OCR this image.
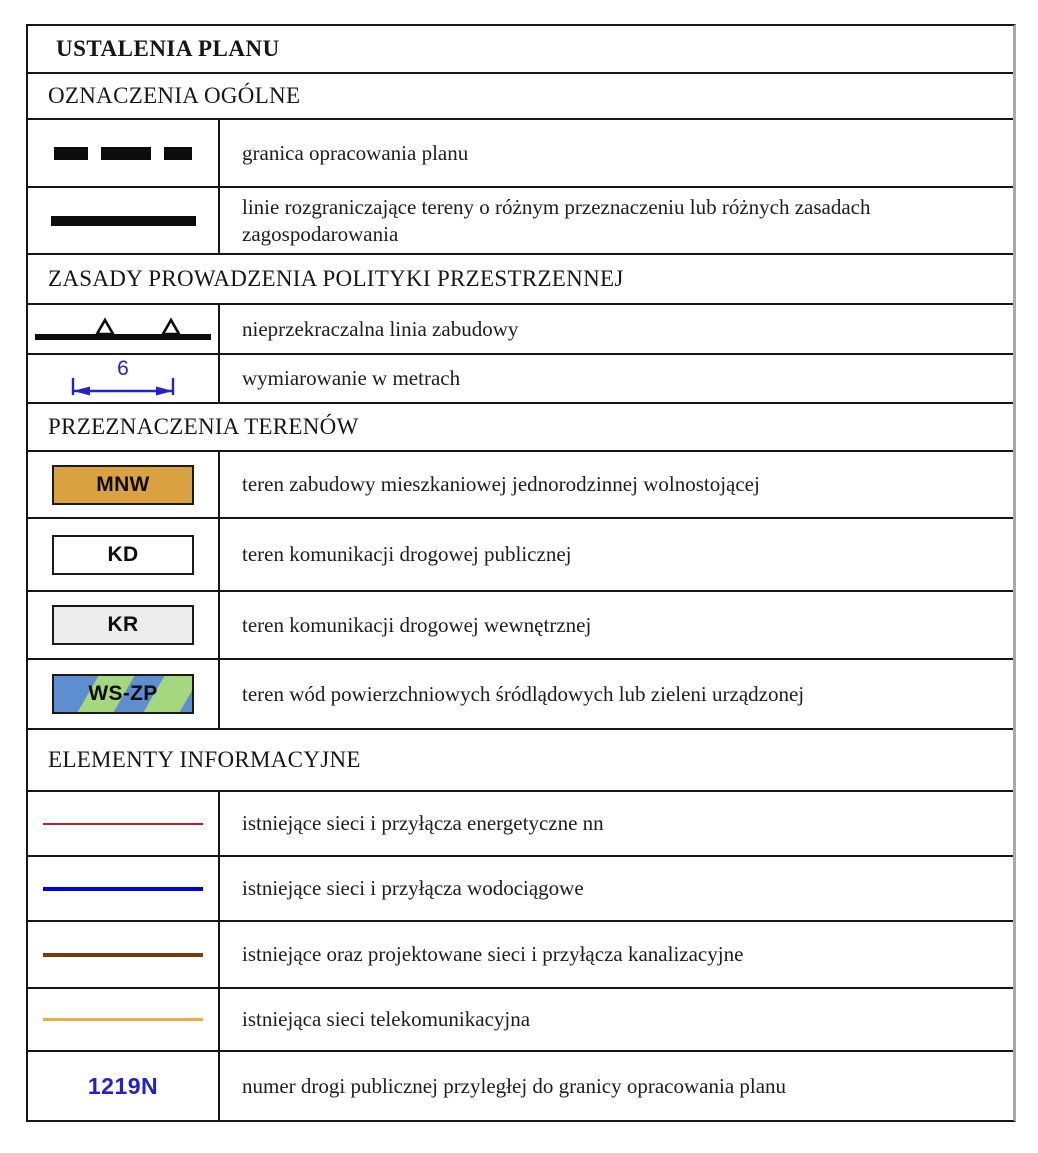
USTALENIA PLANU
OZNACZENIA OGÓLNE
granica opracowania planu
linie rozgraniczające tereny o różnym przeznaczeniu lub różnych zasadach zagospodarowania
ZASADY PROWADZENIA POLITYKI PRZESTRZENNEJ
nieprzekraczalna linia zabudowy
6	wymiarowanie w metrach
PRZEZNACZENIA TERENÓW
MNW	teren zabudowy mieszkaniowej jednorodzinnej wolnostojącej
KD	teren komunikacji drogowej publicznej
KR	teren komunikacji drogowej wewnętrznej
WS-ZP	teren wód powierzchniowych śródlądowych lub zieleni urządzonej
ELEMENTY INFORMACYJNE
istniejące sieci i przyłącza energetyczne nn
istniejące sieci i przyłącza wodociągowe
istniejące oraz projektowane sieci i przyłącza kanalizacyjne
istniejąca sieci telekomunikacyjna
1219N	numer drogi publicznej przyległej do granicy opracowania planu
